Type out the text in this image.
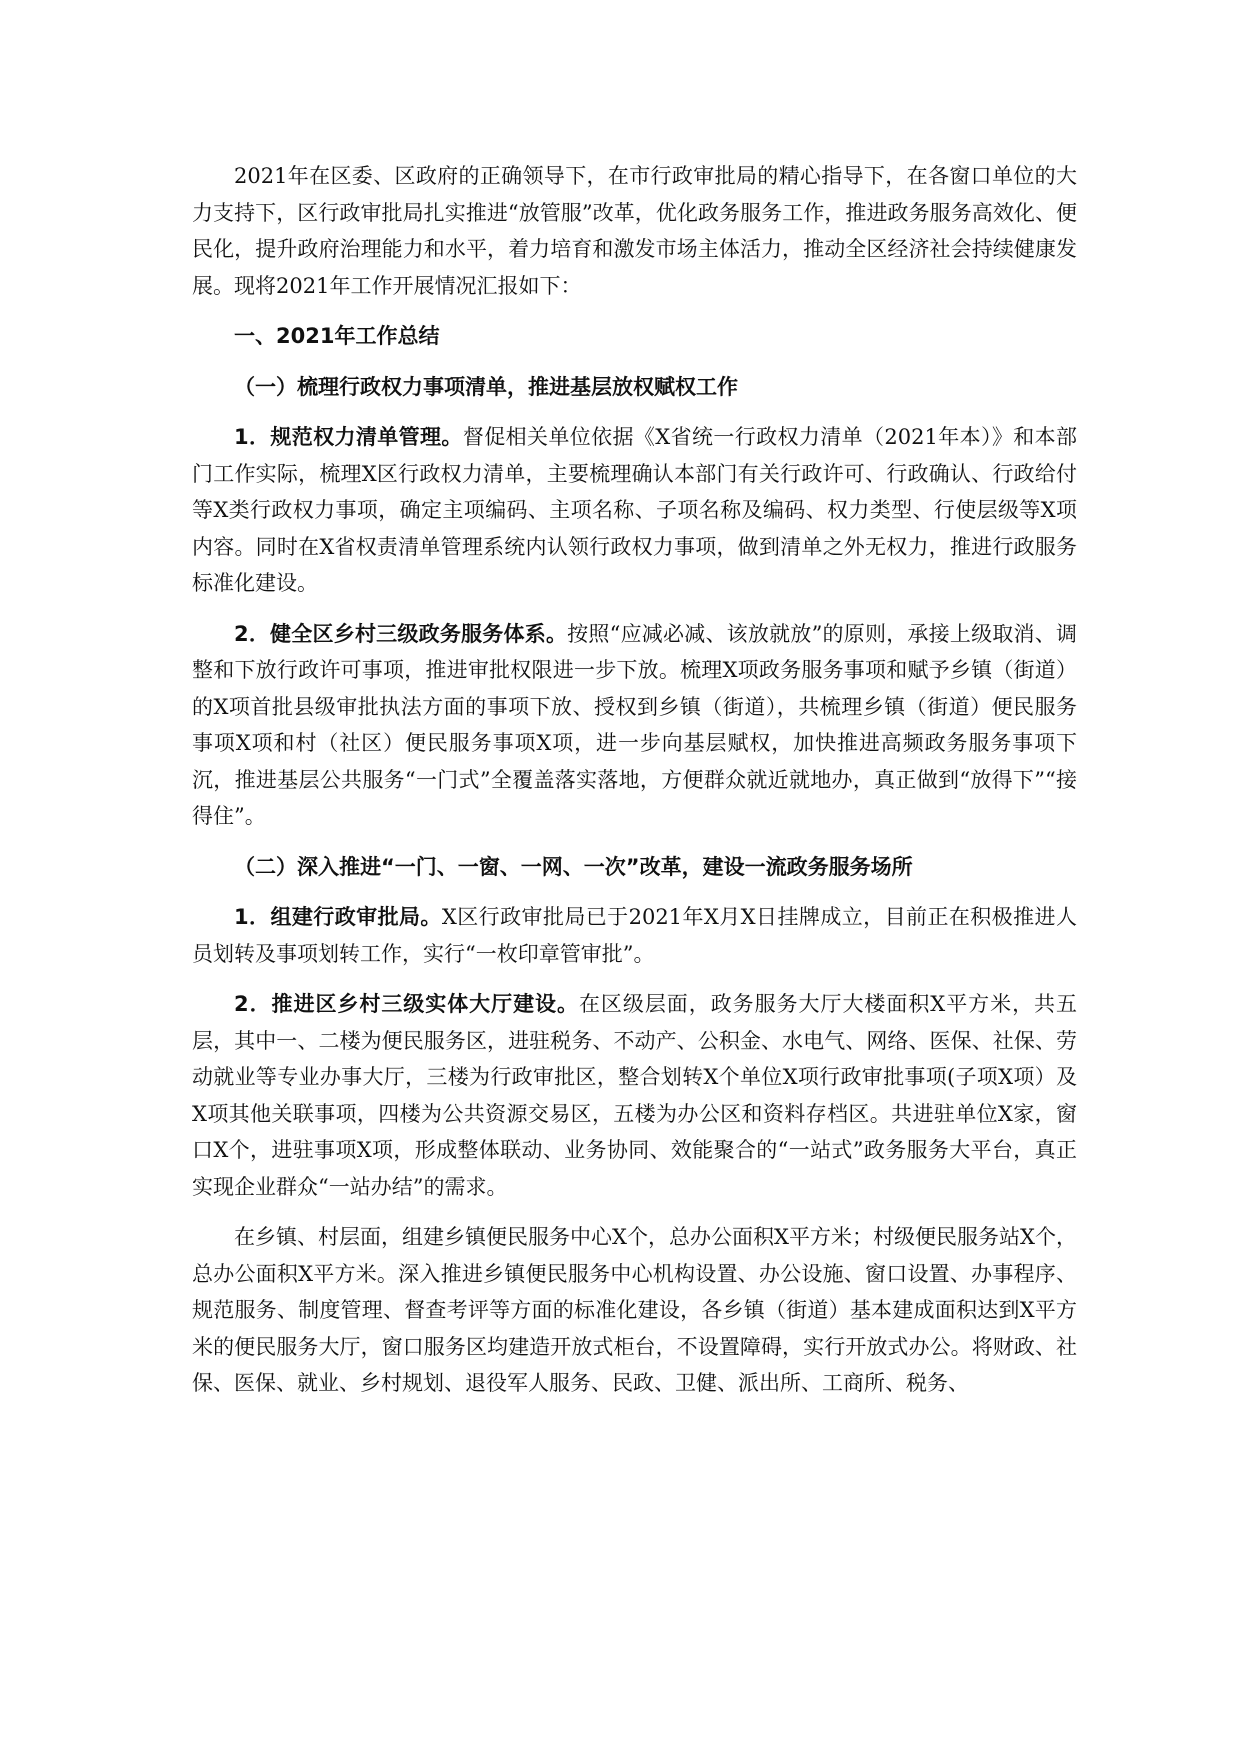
2021年在区委、区政府的正确领导下，在市行政审批局的精心指导下，在各窗口单位的大力支持下，区行政审批局扎实推进“放管服”改革，优化政务服务工作，推进政务服务高效化、便民化，提升政府治理能力和水平，着力培育和激发市场主体活力，推动全区经济社会持续健康发展。现将2021年工作开展情况汇报如下：

一、2021年工作总结

（一）梳理行政权力事项清单，推进基层放权赋权工作

1．规范权力清单管理。督促相关单位依据《X省统一行政权力清单（2021年本）》和本部门工作实际，梳理X区行政权力清单，主要梳理确认本部门有关行政许可、行政确认、行政给付等X类行政权力事项，确定主项编码、主项名称、子项名称及编码、权力类型、行使层级等X项内容。同时在X省权责清单管理系统内认领行政权力事项，做到清单之外无权力，推进行政服务标准化建设。

2．健全区乡村三级政务服务体系。按照“应减必减、该放就放”的原则，承接上级取消、调整和下放行政许可事项，推进审批权限进一步下放。梳理X项政务服务事项和赋予乡镇（街道）的X项首批县级审批执法方面的事项下放、授权到乡镇（街道），共梳理乡镇（街道）便民服务事项X项和村（社区）便民服务事项X项，进一步向基层赋权，加快推进高频政务服务事项下沉，推进基层公共服务“一门式”全覆盖落实落地，方便群众就近就地办，真正做到“放得下”“接得住”。

（二）深入推进“一门、一窗、一网、一次”改革，建设一流政务服务场所

1．组建行政审批局。X区行政审批局已于2021年X月X日挂牌成立，目前正在积极推进人员划转及事项划转工作，实行“一枚印章管审批”。

2．推进区乡村三级实体大厅建设。在区级层面，政务服务大厅大楼面积X平方米，共五层，其中一、二楼为便民服务区，进驻税务、不动产、公积金、水电气、网络、医保、社保、劳动就业等专业办事大厅，三楼为行政审批区，整合划转X个单位X项行政审批事项(子项X项）及X项其他关联事项，四楼为公共资源交易区，五楼为办公区和资料存档区。共进驻单位X家，窗口X个，进驻事项X项，形成整体联动、业务协同、效能聚合的“一站式”政务服务大平台，真正实现企业群众“一站办结”的需求。

在乡镇、村层面，组建乡镇便民服务中心X个，总办公面积X平方米；村级便民服务站X个，总办公面积X平方米。深入推进乡镇便民服务中心机构设置、办公设施、窗口设置、办事程序、规范服务、制度管理、督查考评等方面的标准化建设，各乡镇（街道）基本建成面积达到X平方米的便民服务大厅，窗口服务区均建造开放式柜台，不设置障碍，实行开放式办公。将财政、社保、医保、就业、乡村规划、退役军人服务、民政、卫健、派出所、工商所、税务、
